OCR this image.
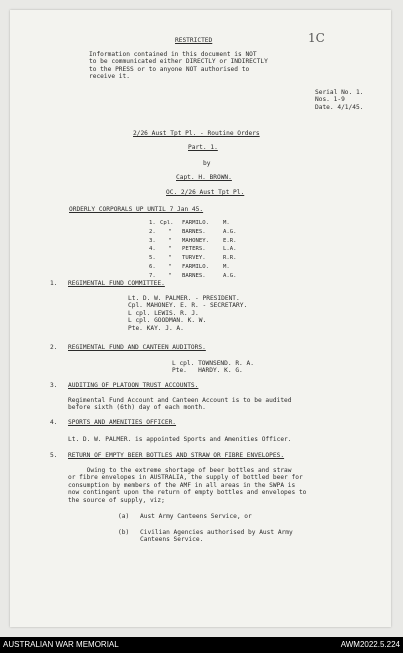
1C
RESTRICTED
Information contained in this document is NOT
to be communicated either DIRECTLY or INDIRECTLY
to the PRESS or to anyone NOT authorised to
receive it.
Serial No. 1.
Nos. 1-9
Date. 4/1/45.
2/26 Aust Tpt Pl. - Routine Orders
Part. 1.
by
Capt. H. BROWN.
OC. 2/26 Aust Tpt Pl.
ORDERLY CORPORALS UP UNTIL 7 Jan 45.
1.	Cpl.	FARMILO.	M.
2.	"	BARNES.	A.G.
3.	"	MAHONEY.	E.R.
4.	"	PETERS.	L.A.
5.	"	TURVEY.	R.R.
6.	"	FARMILO.	M.
7.	"	BARNES.	A.G.
1. REGIMENTAL FUND COMMITTEE.
Lt. D. W. PALMER. - PRESIDENT.
Cpl. MAHONEY. E. R. - SECRETARY.
L cpl. LEWIS. R. J.
L cpl. GOODMAN. K. W.
Pte. KAY. J. A.
2. REGIMENTAL FUND AND CANTEEN AUDITORS.
L cpl. TOWNSEND. R. A.
Pte.   HARDY. K. G.
3. AUDITING OF PLATOON TRUST ACCOUNTS.
Regimental Fund Account and Canteen Account is to be audited
before sixth (6th) day of each month.
4. SPORTS AND AMENITIES OFFICER.
Lt. D. W. PALMER. is appointed Sports and Amenities Officer.
5. RETURN OF EMPTY BEER BOTTLES AND STRAW OR FIBRE ENVELOPES.
Owing to the extreme shortage of beer bottles and straw
or fibre envelopes in AUSTRALIA, the supply of bottled beer for
consumption by members of the AMF in all areas in the SWPA is
now contingent upon the return of empty bottles and envelopes to
the source of supply, viz;
(a) Aust Army Canteens Service, or
(b) Civilian Agencies authorised by Aust Army
Canteens Service.
AUSTRALIAN WAR MEMORIAL	AWM2022.5.224
